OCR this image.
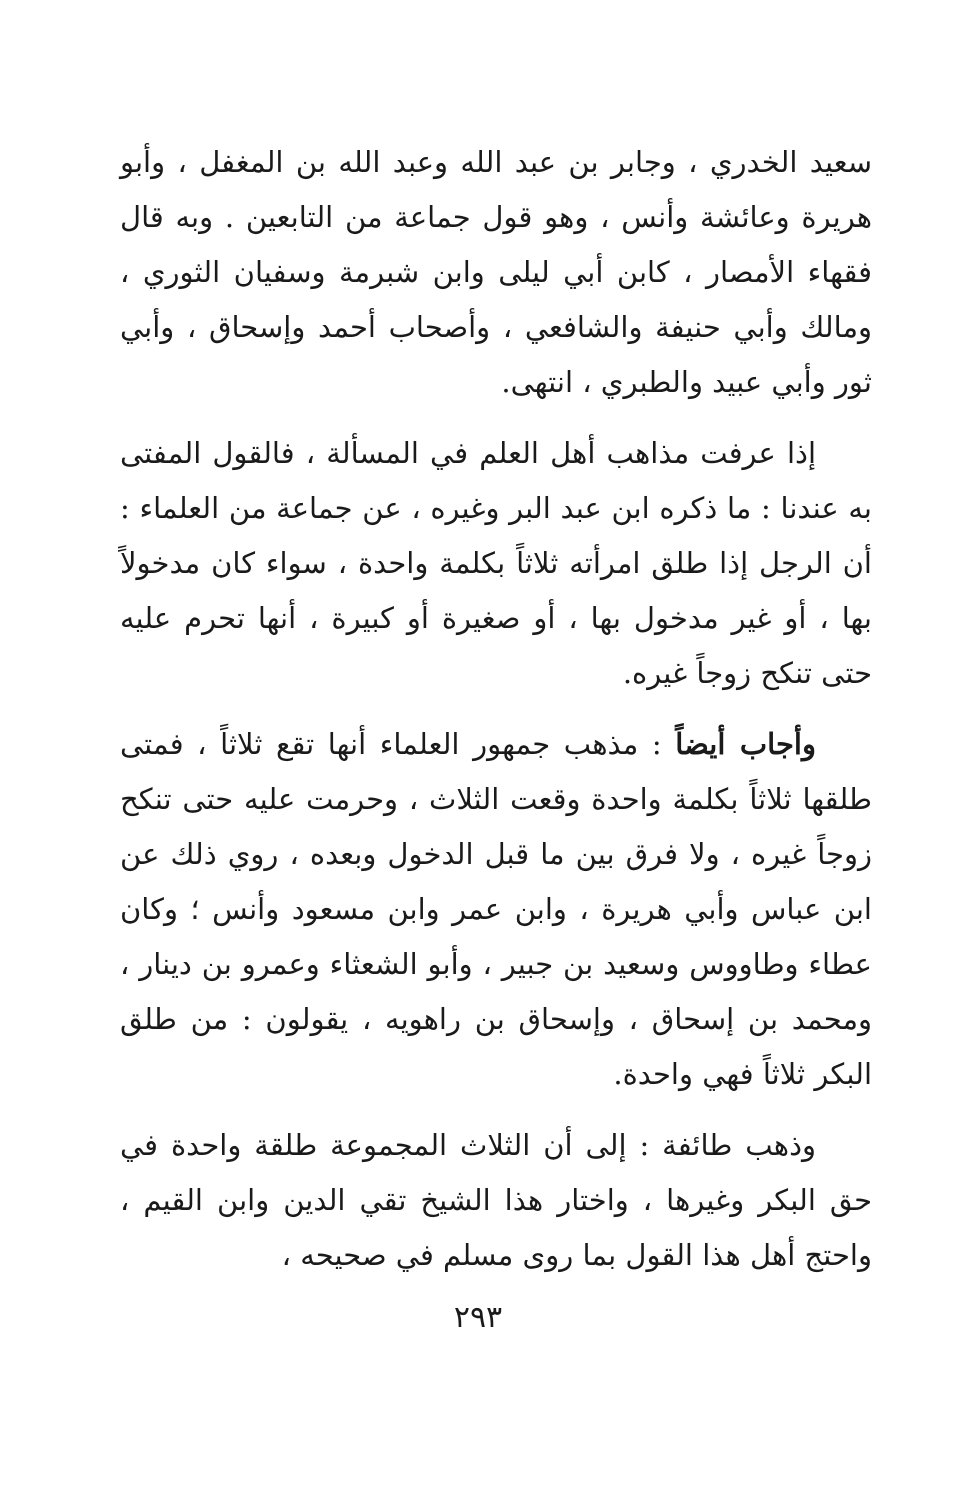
سعيد الخدري ، وجابر بن عبد الله وعبد الله بن المغفل ، وأبو هريرة وعائشة وأنس ، وهو قول جماعة من التابعين . وبه قال فقهاء الأمصار ، كابن أبي ليلى وابن شبرمة وسفيان الثوري ، ومالك وأبي حنيفة والشافعي ، وأصحاب أحمد وإسحاق ، وأبي ثور وأبي عبيد والطبري ، انتهى.

إذا عرفت مذاهب أهل العلم في المسألة ، فالقول المفتى به عندنا : ما ذكره ابن عبد البر وغيره ، عن جماعة من العلماء : أن الرجل إذا طلق امرأته ثلاثاً بكلمة واحدة ، سواء كان مدخولاً بها ، أو غير مدخول بها ، أو صغيرة أو كبيرة ، أنها تحرم عليه حتى تنكح زوجاً غيره.

وأجاب أيضاً : مذهب جمهور العلماء أنها تقع ثلاثاً ، فمتى طلقها ثلاثاً بكلمة واحدة وقعت الثلاث ، وحرمت عليه حتى تنكح زوجاً غيره ، ولا فرق بين ما قبل الدخول وبعده ، روي ذلك عن ابن عباس وأبي هريرة ، وابن عمر وابن مسعود وأنس ؛ وكان عطاء وطاووس وسعيد بن جبير ، وأبو الشعثاء وعمرو بن دينار ، ومحمد بن إسحاق ، وإسحاق بن راهويه ، يقولون : من طلق البكر ثلاثاً فهي واحدة.

وذهب طائفة : إلى أن الثلاث المجموعة طلقة واحدة في حق البكر وغيرها ، واختار هذا الشيخ تقي الدين وابن القيم ، واحتج أهل هذا القول بما روى مسلم في صحيحه ،

٢٩٣
